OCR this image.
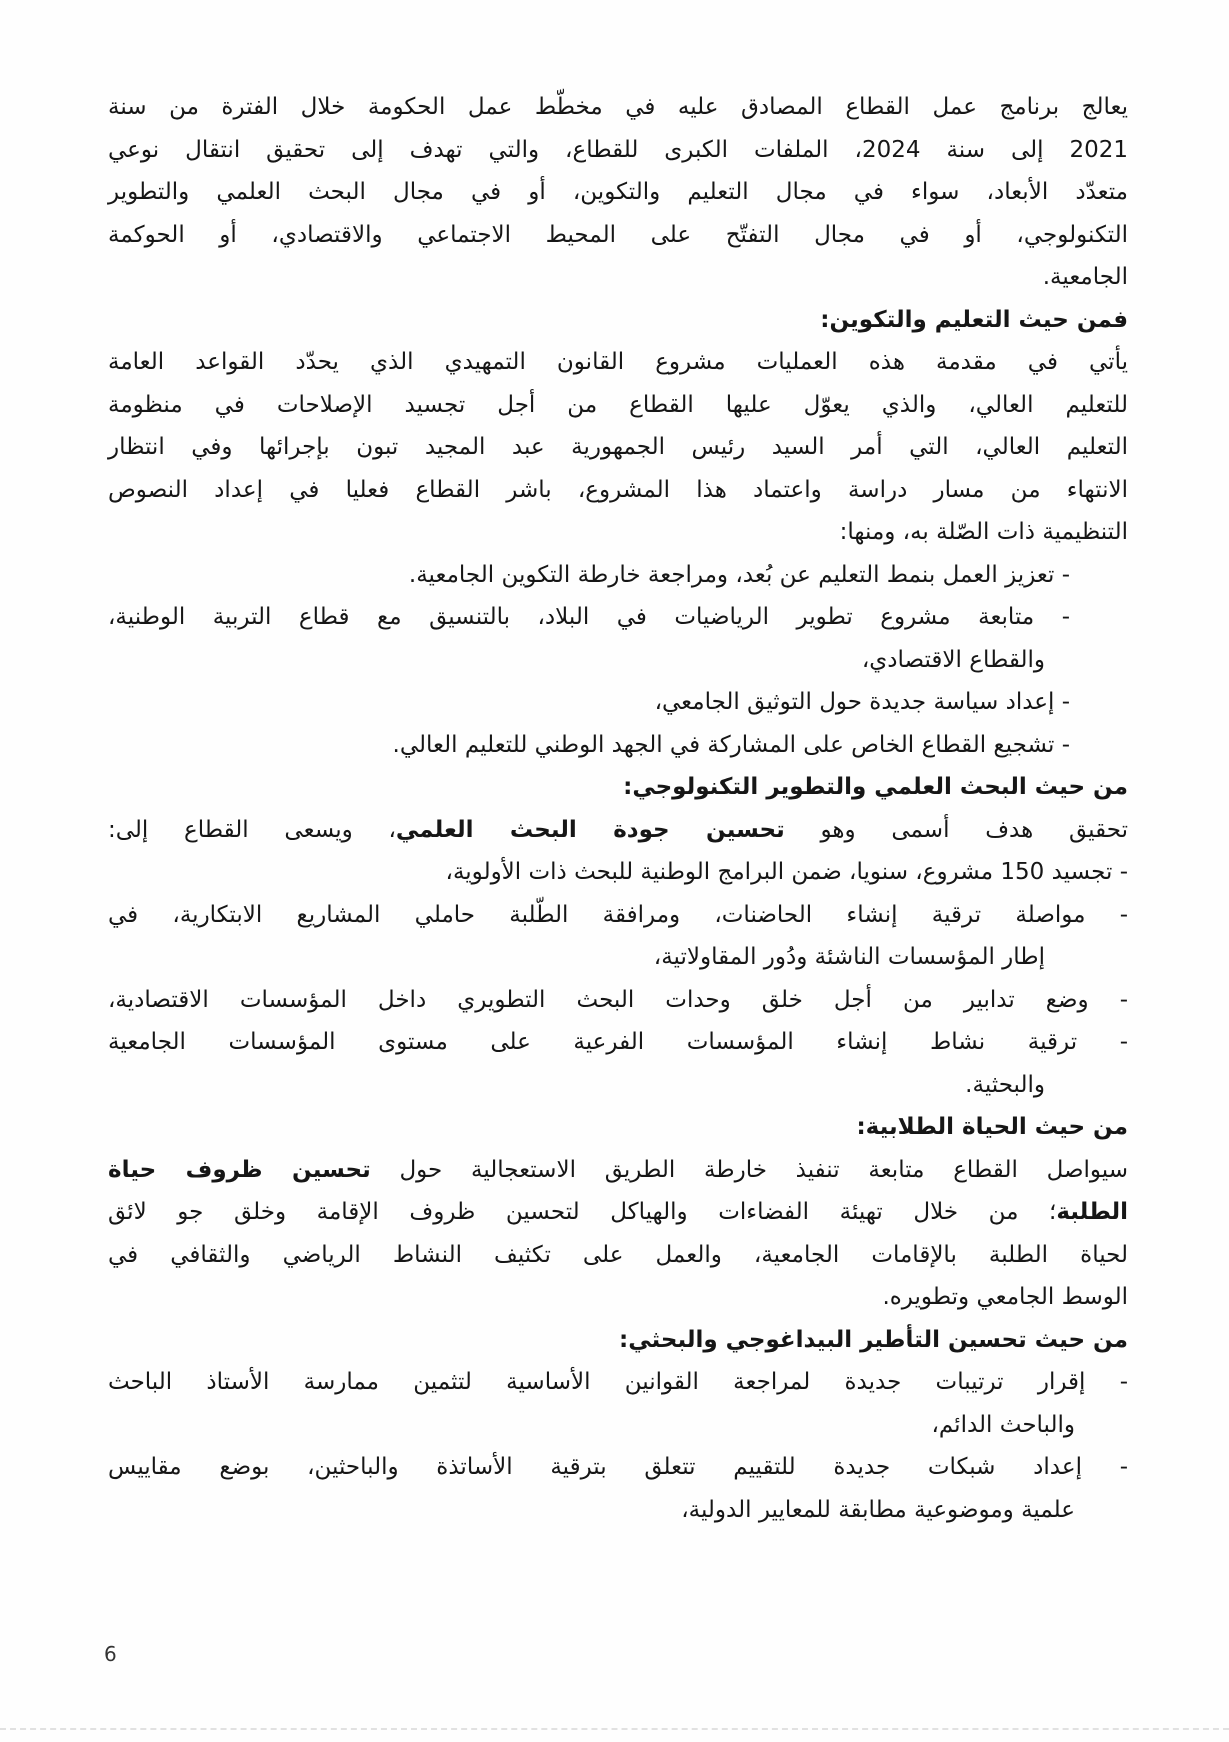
يعالج برنامج عمل القطاع المصادق عليه في مخطّط عمل الحكومة خلال الفترة من سنة
2021 إلى سنة 2024، الملفات الكبرى للقطاع، والتي تهدف إلى تحقيق انتقال نوعي
متعدّد الأبعاد، سواء في مجال التعليم والتكوين، أو في مجال البحث العلمي والتطوير
التكنولوجي، أو في مجال التفتّح على المحيط الاجتماعي والاقتصادي، أو الحوكمة
الجامعية.
فمن حيث التعليم والتكوين:
يأتي في مقدمة هذه العمليات مشروع القانون التمهيدي الذي يحدّد القواعد العامة
للتعليم العالي، والذي يعوّل عليها القطاع من أجل تجسيد الإصلاحات في منظومة
التعليم العالي، التي أمر السيد رئيس الجمهورية عبد المجيد تبون بإجرائها وفي انتظار
الانتهاء من مسار دراسة واعتماد هذا المشروع، باشر القطاع فعليا في إعداد النصوص
التنظيمية ذات الصّلة به، ومنها:
- تعزيز العمل بنمط التعليم عن بُعد، ومراجعة خارطة التكوين الجامعية.
- متابعة مشروع تطوير الرياضيات في البلاد، بالتنسيق مع قطاع التربية الوطنية،
والقطاع الاقتصادي،
- إعداد سياسة جديدة حول التوثيق الجامعي،
- تشجيع القطاع الخاص على المشاركة في الجهد الوطني للتعليم العالي.
من حيث البحث العلمي والتطوير التكنولوجي:
تحقيق هدف أسمى وهو تحسين جودة البحث العلمي، ويسعى القطاع إلى:
- تجسيد 150 مشروع، سنويا، ضمن البرامج الوطنية للبحث ذات الأولوية،
- مواصلة ترقية إنشاء الحاضنات، ومرافقة الطّلبة حاملي المشاريع الابتكارية، في
إطار المؤسسات الناشئة ودُور المقاولاتية،
- وضع تدابير من أجل خلق وحدات البحث التطويري داخل المؤسسات الاقتصادية،
- ترقية نشاط إنشاء المؤسسات الفرعية على مستوى المؤسسات الجامعية
والبحثية.
من حيث الحياة الطلابية:
سيواصل القطاع متابعة تنفيذ خارطة الطريق الاستعجالية حول تحسين ظروف حياة
الطلبة؛ من خلال تهيئة الفضاءات والهياكل لتحسين ظروف الإقامة وخلق جو لائق
لحياة الطلبة بالإقامات الجامعية، والعمل على تكثيف النشاط الرياضي والثقافي في
الوسط الجامعي وتطويره.
من حيث تحسين التأطير البيداغوجي والبحثي:
- إقرار ترتيبات جديدة لمراجعة القوانين الأساسية لتثمين ممارسة الأستاذ الباحث
والباحث الدائم،
- إعداد شبكات جديدة للتقييم تتعلق بترقية الأساتذة والباحثين، بوضع مقاييس
علمية وموضوعية مطابقة للمعايير الدولية،
6
